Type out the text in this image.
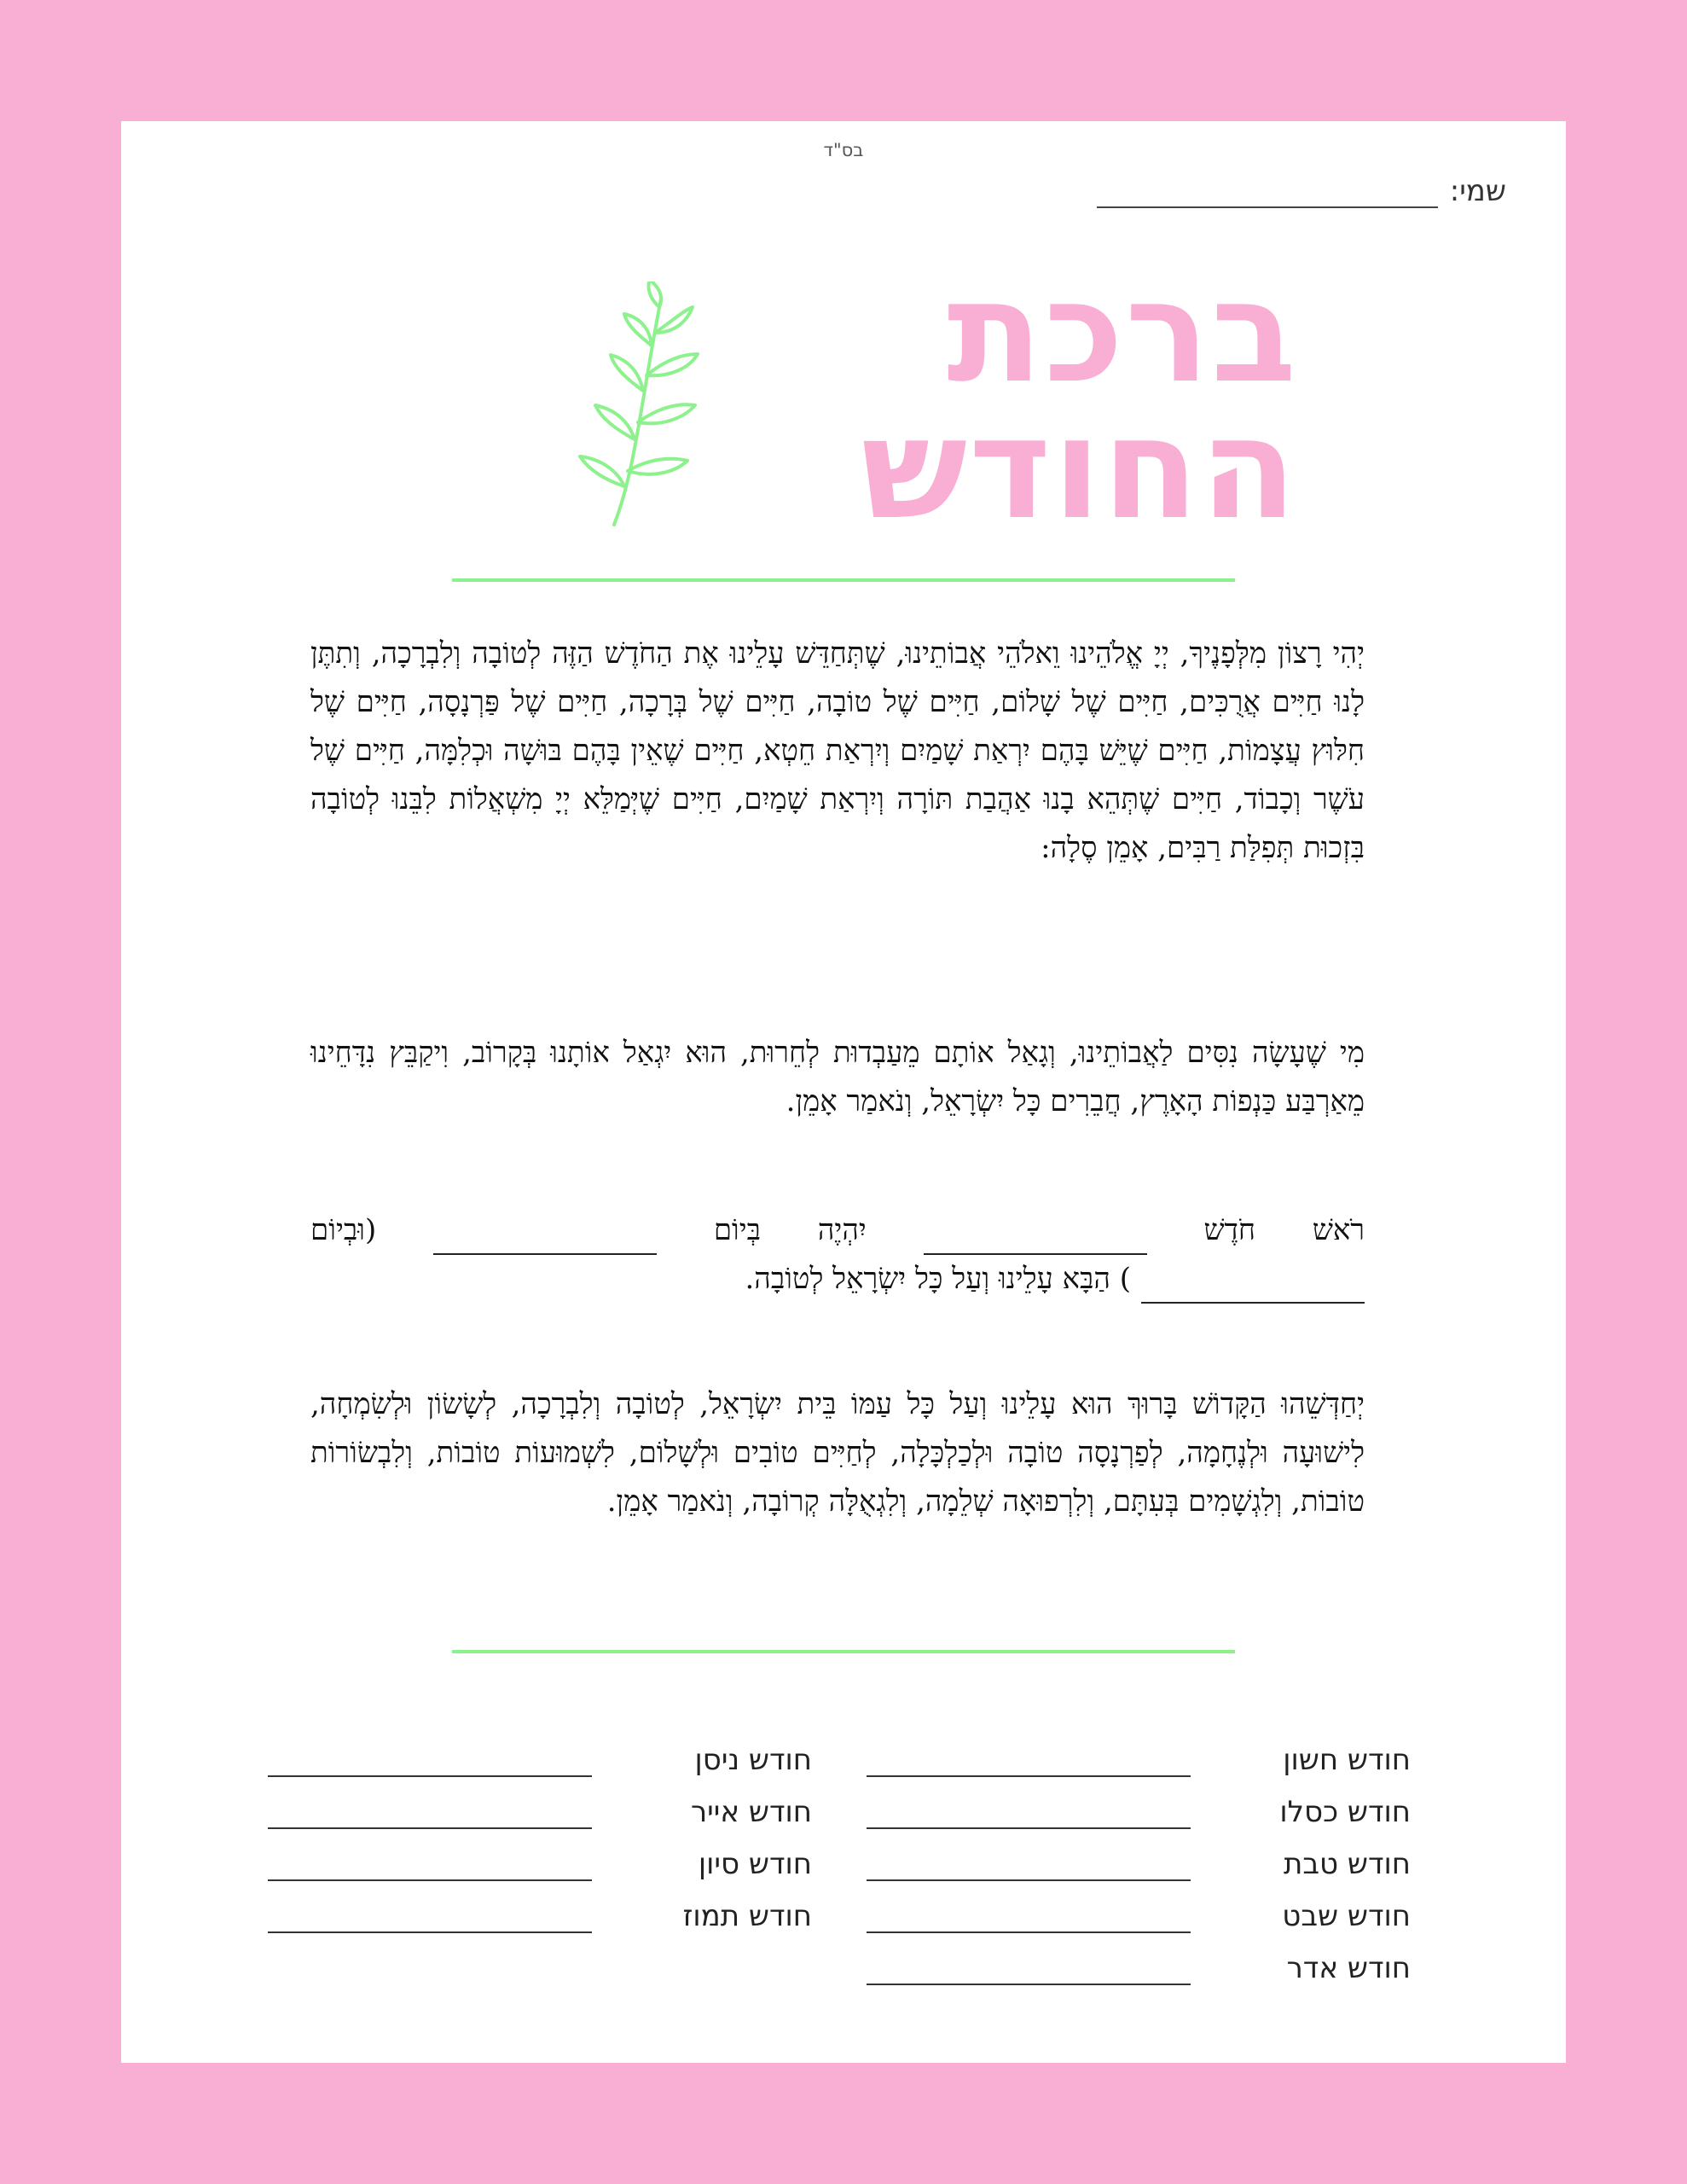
בס"ד
שמי:
ברכת
החודש
יְהִי רָצוֹן מִלְּפָנֶיךָ, יְיָ אֱלֹהֵינוּ וֵאלֹהֵי אֲבוֹתֵינוּ, שֶׁתְּחַדֵּשׁ עָלֵינוּ אֶת הַחֹדֶשׁ הַזֶּה לְטוֹבָה וְלִבְרָכָה, וְתִתֶּן לָנוּ חַיִּים אֲרֻכִּים, חַיִּים שֶׁל שָׁלוֹם, חַיִּים שֶׁל טוֹבָה, חַיִּים שֶׁל בְּרָכָה, חַיִּים שֶׁל פַּרְנָסָה, חַיִּים שֶׁל חִלּוּץ עֲצָמוֹת, חַיִּים שֶׁיֵּשׁ בָּהֶם יִרְאַת שָׁמַיִם וְיִרְאַת חֵטְא, חַיִּים שֶׁאֵין בָּהֶם בּוּשָׁה וּכְלִמָּה, חַיִּים שֶׁל עֹשֶׁר וְכָבוֹד, חַיִּים שֶׁתְּהֵא בָנוּ אַהֲבַת תּוֹרָה וְיִרְאַת שָׁמַיִם, חַיִּים שֶׁיְּמַלֵּא יְיָ מִשְׁאֲלוֹת לִבֵּנוּ לְטוֹבָה בִּזְכוּת תְּפִלַּת רַבִּים, אָמֵן סֶלָה:
מִי שֶׁעָשָׂה נִסִּים לַאֲבוֹתֵינוּ, וְגָאַל אוֹתָם מֵעַבְדוּת לְחֵרוּת, הוּא יִגְאַל אוֹתָנוּ בְּקָרוֹב, וִיקַבֵּץ נִדָּחֵינוּ מֵאַרְבַּע כַּנְפוֹת הָאָרֶץ, חֲבֵרִים כָּל יִשְׂרָאֵל, וְנֹאמַר אָמֵן.
רֹאשׁ
חֹדֶשׁ
יִהְיֶה
בְּיוֹם
(וּבְיוֹם
) הַבָּא עָלֵינוּ וְעַל כָּל יִשְׂרָאֵל לְטוֹבָה.
יְחַדְּשֵׁהוּ הַקָּדוֹשׁ בָּרוּךְ הוּא עָלֵינוּ וְעַל כָּל עַמּוֹ בֵּית יִשְׂרָאֵל, לְטוֹבָה וְלִבְרָכָה, לְשָׂשׂוֹן וּלְשִׂמְחָה, לִישׁוּעָה וּלְנֶחָמָה, לְפַרְנָסָה טוֹבָה וּלְכַלְכָּלָה, לְחַיִּים טוֹבִים וּלְשָׁלוֹם, לִשְׁמוּעוֹת טוֹבוֹת, וְלִבְשׂוֹרוֹת טוֹבוֹת, וְלִגְשָׁמִים בְּעִתָּם, וְלִרְפוּאָה שְׁלֵמָה, וְלִגְאֻלָּה קְרוֹבָה, וְנֹאמַר אָמֵן.
חודש חשון
חודש כסלו
חודש טבת
חודש שבט
חודש אדר
חודש ניסן
חודש אייר
חודש סיון
חודש תמוז
